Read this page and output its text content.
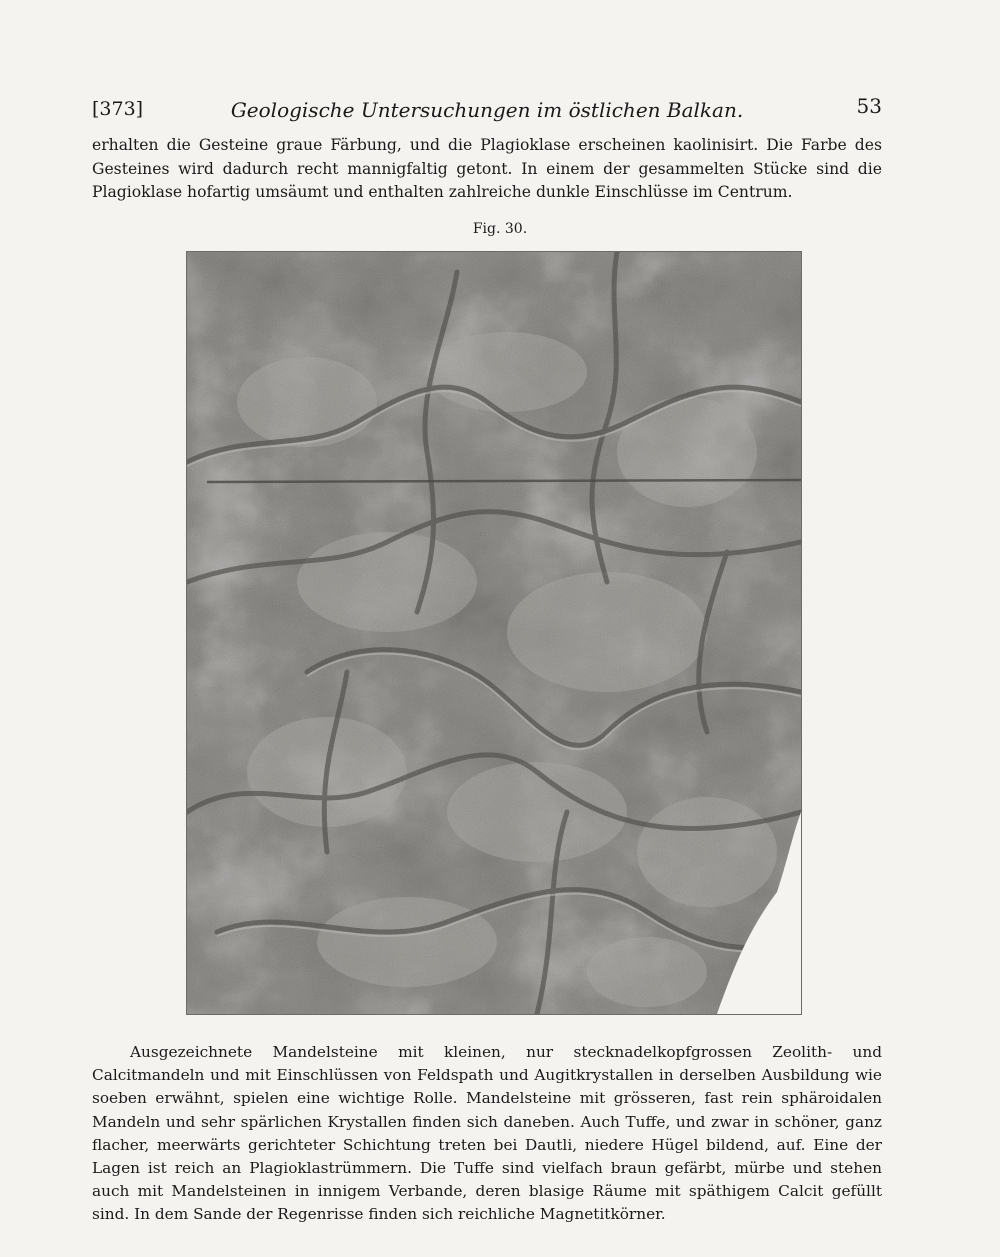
[373]	Geologische Untersuchungen im östlichen Balkan.	53

erhalten die Gesteine graue Färbung, und die Plagioklase erscheinen kaolinisirt. Die Farbe des Gesteines wird dadurch recht mannigfaltig getont. In einem der gesammelten Stücke sind die Plagioklase hofartig umsäumt und enthalten zahlreiche dunkle Einschlüsse im Centrum.

Fig. 30.
JAFFE sc.

Ausgezeichnete Mandelsteine mit kleinen, nur stecknadelkopfgrossen Zeolith- und Calcitmandeln und mit Einschlüssen von Feldspath und Augitkrystallen in derselben Ausbildung wie soeben erwähnt, spielen eine wichtige Rolle. Mandelsteine mit grösseren, fast rein sphäroidalen Mandeln und sehr spärlichen Krystallen finden sich daneben. Auch Tuffe, und zwar in schöner, ganz flacher, meerwärts gerichteter Schichtung treten bei Dautli, niedere Hügel bildend, auf. Eine der Lagen ist reich an Plagioklastrümmern. Die Tuffe sind vielfach braun gefärbt, mürbe und stehen auch mit Mandelsteinen in innigem Verbande, deren blasige Räume mit späthigem Calcit gefüllt sind. In dem Sande der Regenrisse finden sich reichliche Magnetitkörner.
